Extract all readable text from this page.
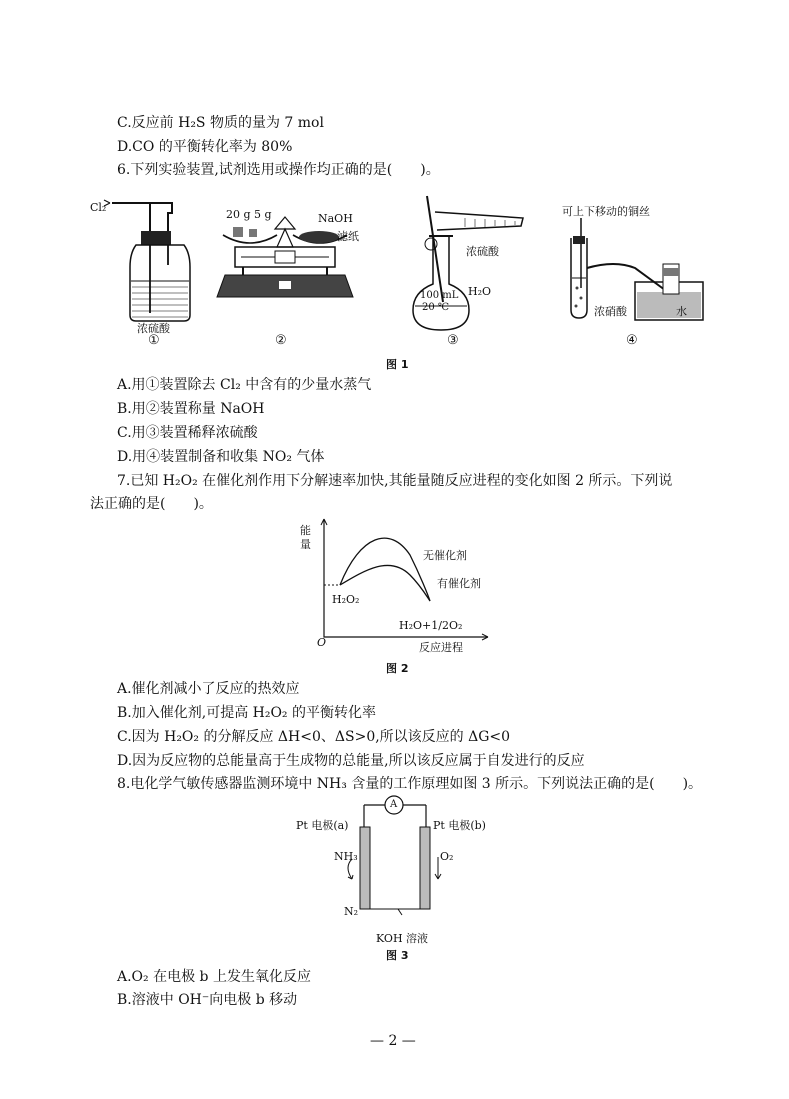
C.反应前 H₂S 物质的量为 7 mol
D.CO 的平衡转化率为 80%
6.下列实验装置,试剂选用或操作均正确的是(　　)。
Cl₂
浓硫酸
①
20 g 5 g	NaOH
滤纸
②
浓硫酸
100 mL
20 ℃
H₂O
③
可上下移动的铜丝
浓硝酸	水
④
图 1
A.用①装置除去 Cl₂ 中含有的少量水蒸气
B.用②装置称量 NaOH
C.用③装置稀释浓硫酸
D.用④装置制备和收集 NO₂ 气体
7.已知 H₂O₂ 在催化剂作用下分解速率加快,其能量随反应进程的变化如图 2 所示。下列说
法正确的是(　　)。
能量
O	反应进程
无催化剂
有催化剂
H₂O₂
H₂O+1/2O₂
图 2
A.催化剂减小了反应的热效应
B.加入催化剂,可提高 H₂O₂ 的平衡转化率
C.因为 H₂O₂ 的分解反应 ΔH<0、ΔS>0,所以该反应的 ΔG<0
D.因为反应物的总能量高于生成物的总能量,所以该反应属于自发进行的反应
8.电化学气敏传感器监测环境中 NH₃ 含量的工作原理如图 3 所示。下列说法正确的是(　　)。
A
Pt 电极(a)	Pt 电极(b)
NH₃	O₂
N₂
KOH 溶液
图 3
A.O₂ 在电极 b 上发生氧化反应
B.溶液中 OH⁻向电极 b 移动
— 2 —
